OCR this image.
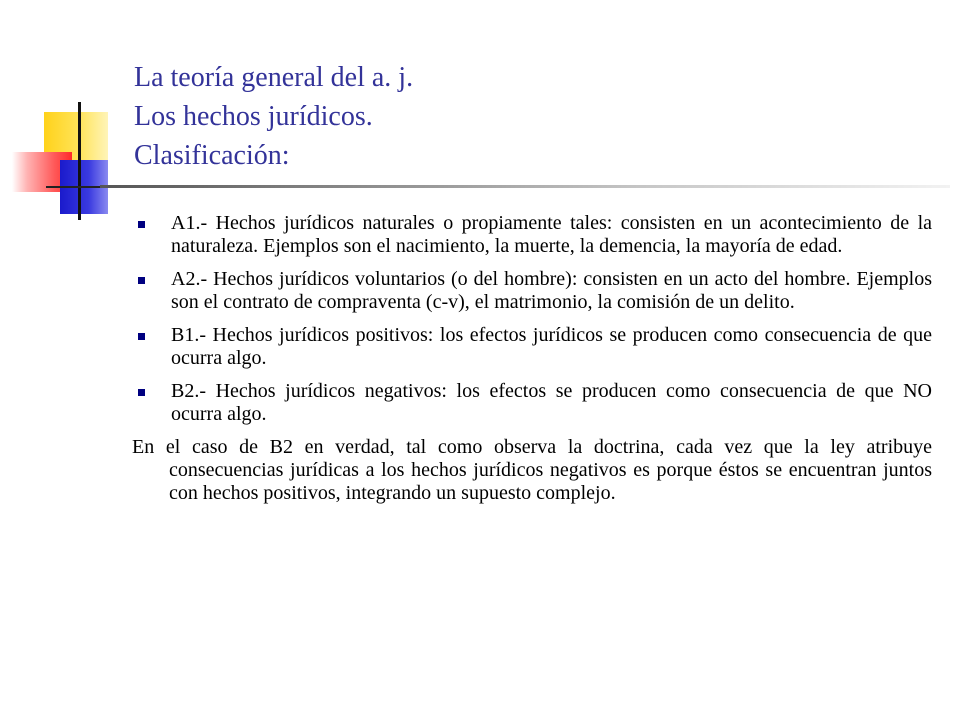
La teoría general del a. j.
Los hechos jurídicos.
Clasificación:
A1.- Hechos jurídicos naturales o propiamente tales: consisten en un acontecimiento de la naturaleza. Ejemplos son el nacimiento, la muerte, la demencia, la mayoría de edad.
A2.- Hechos jurídicos voluntarios (o del hombre): consisten en un acto del hombre. Ejemplos son el contrato de compraventa (c-v), el matrimonio, la comisión de un delito.
B1.- Hechos jurídicos positivos: los efectos jurídicos se producen como consecuencia de que ocurra algo.
B2.- Hechos jurídicos negativos: los efectos se producen como consecuencia de que NO ocurra algo.

En el caso de B2 en verdad, tal como observa la doctrina, cada vez que la ley atribuye consecuencias jurídicas a los hechos jurídicos negativos es porque éstos se encuentran juntos con hechos positivos, integrando un supuesto complejo.
